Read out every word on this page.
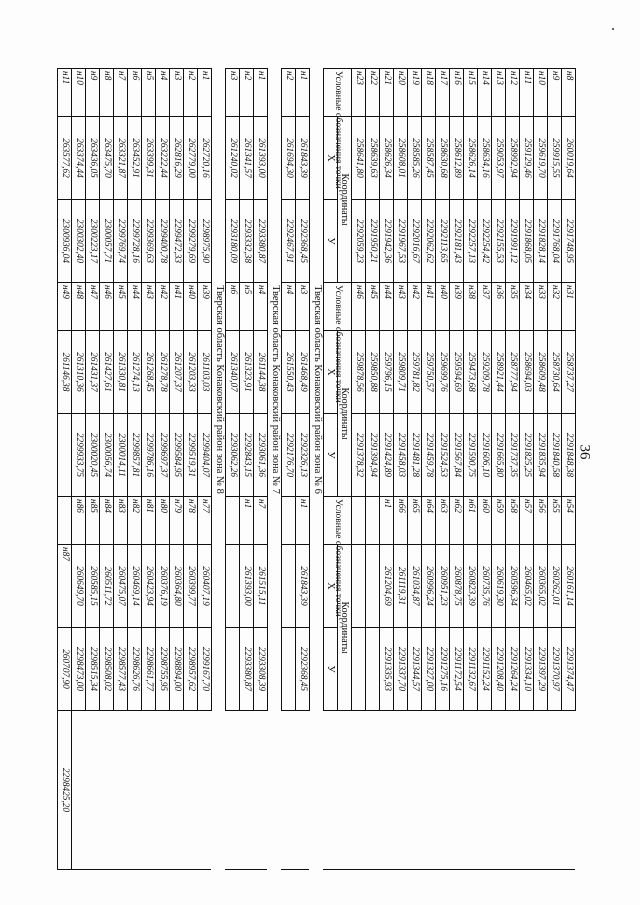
36
н8	260019,64	2291748,95	н31	258737,27	2291848,38	н54	260161,14	2291374,47		
н9	259915,55	2291768,04	н32	258730,64	2291840,58	н55	260262,01	2291370,97		
н10	259619,70	2291828,14	н33	258609,48	2291835,94	н56	260365,02	2291397,29		
н11	259129,46	2291868,05	н34	258694,03	2291825,25	н57	260465,02	2291334,10		
н12	258992,94	2291991,12	н35	258777,94	2291737,35	н58	260596,34	2291264,24		
н13	259053,97	2292155,53	н36	258921,44	2291665,80	н59	260619,30	2291208,40		
н14	258634,16	2292254,42	н37	259209,78	2291606,10	н60	260735,76	2291152,24		
н15	258626,14	2292257,13	н38	259473,68	2291590,75	н61	260823,39	2291132,67		
н16	258612,89	2292181,43	н39	259594,69	2291567,84	н62	260878,75	2291172,54		
н17	258630,68	2292113,65	н40	259699,76	2291524,53	н63	260951,23	2291275,16		
н18	258587,45	2292062,62	н41	259750,57	2291459,78	н64	260996,24	2291327,00		
н19	258585,26	2292016,67	н42	259781,82	2291481,28	н65	261034,87	2291344,57		
н20	258608,01	2291967,53	н43	259809,71	2291458,03	н66	261119,31	2291337,70		
н21	258626,34	2291942,36	н44	259796,15	2291424,89	н1	261204,69	2291335,93		
н22	258639,63	2291950,21	н45	259850,88	2291394,94					
н23	258641,80	2292059,23	н46	259878,56	2291378,32					
Условные обозначения точки	Координаты		Условные обозначения точки	Координаты		Условные обозначения точки	Координаты			
	Х	У		Х	У		Х	У		
Тверская область Конаковский район зона № 6										
н1	261843,39	2292368,45	н3	261468,49	2292326,13	н1	261843,39	2292368,45		
н2	261694,30	2292467,91	н4	261550,43	2292176,70					
Тверская область Конаковский район зона № 7										
н1	261393,00	2293380,87	н4	261144,38	2293061,36	н7	261515,11	2293308,39		
н2	261341,57	2293332,38	н5	261323,91	2292843,15	н1	261393,00	2293380,87		
н3	261240,02	2293180,09	н6	261340,07	2293062,26					
Тверская область Конаковский район зона № 8										
н1	262720,16	2298975,90	н39	261103,03	2299404,07	н77	260407,19	2299167,70		
н2	262779,00	2299279,69	н40	261203,33	2299519,31	н78	260399,77	2298957,62		
н3	262816,29	2299472,33	н41	261207,37	2299584,95	н79	260364,80	2298894,00		
н4	263222,44	2299400,78	н42	261278,78	2299697,37	н80	260376,19	2298755,95		
н5	263399,31	2299369,63	н43	261268,45	2299786,16	н81	260423,94	2298661,77		
н6	263452,91	2299728,16	н44	261274,13	2299857,81	н82	260469,14	2298626,76		
н7	263321,87	2299769,74	н45	261330,81	2300014,11	н83	260475,07	2298577,43		
н8	263475,70	2300057,71	н46	261427,61	2300056,74	н84	260511,72	2298508,02		
н9	263436,05	2300223,17	н47	261431,37	2300020,45	н85	260585,15	2298515,34		
н10	263374,44	2300302,40	н48	261310,36	2299933,75	н86	260649,70	2298473,00		
н11	263577,62	2300936,04	н49	261146,38			н87	260707,90	2298425,20	
